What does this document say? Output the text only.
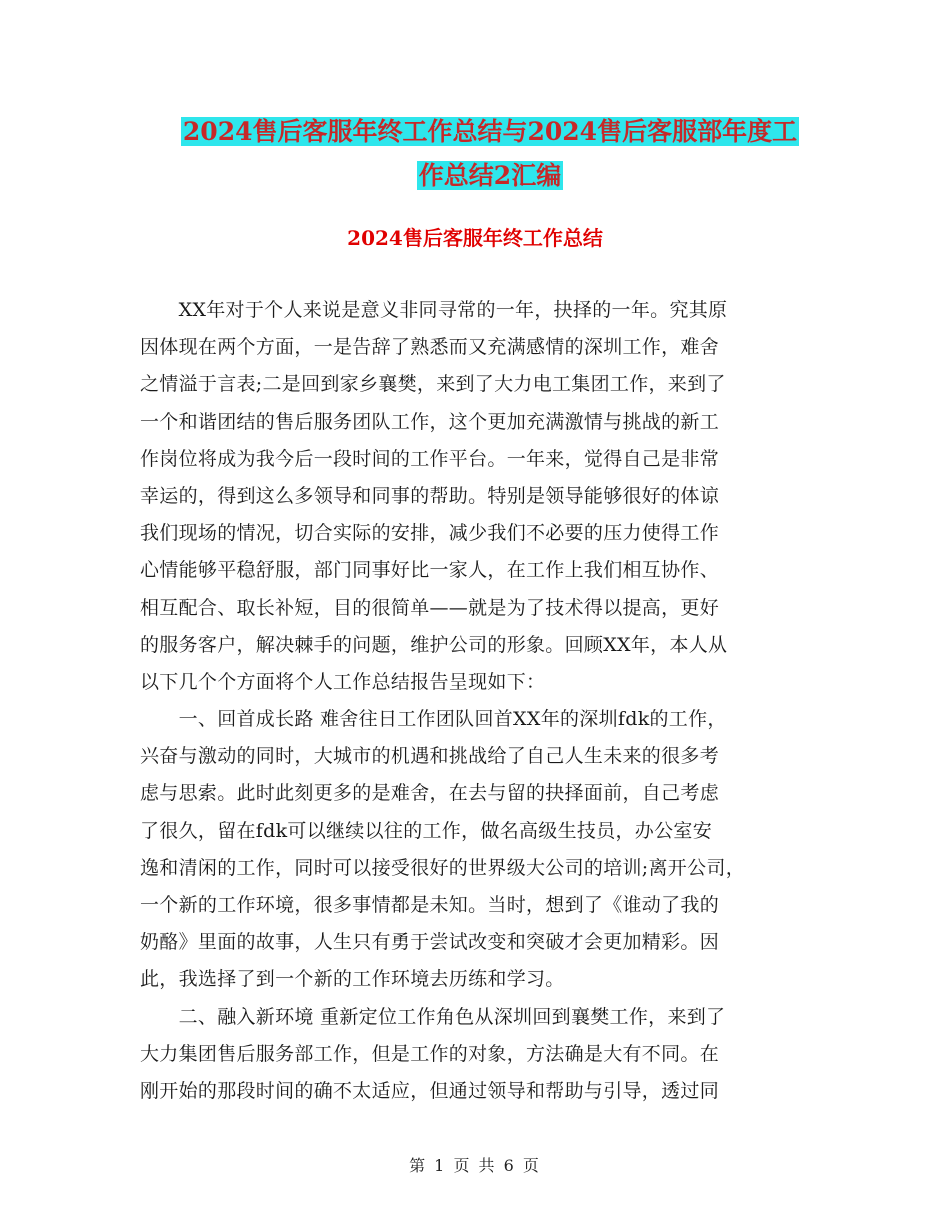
2024售后客服年终工作总结与2024售后客服部年度工
作总结2汇编
2024售后客服年终工作总结
　　XX年对于个人来说是意义非同寻常的一年，抉择的一年。究其原
因体现在两个方面，一是告辞了熟悉而又充满感情的深圳工作，难舍
之情溢于言表;二是回到家乡襄樊，来到了大力电工集团工作，来到了
一个和谐团结的售后服务团队工作，这个更加充满激情与挑战的新工
作岗位将成为我今后一段时间的工作平台。一年来，觉得自己是非常
幸运的，得到这么多领导和同事的帮助。特别是领导能够很好的体谅
我们现场的情况，切合实际的安排，减少我们不必要的压力使得工作
心情能够平稳舒服，部门同事好比一家人，在工作上我们相互协作、
相互配合、取长补短，目的很简单——就是为了技术得以提高，更好
的服务客户，解决棘手的问题，维护公司的形象。回顾XX年，本人从
以下几个个方面将个人工作总结报告呈现如下：
　　一、回首成长路 难舍往日工作团队回首XX年的深圳fdk的工作，
兴奋与激动的同时，大城市的机遇和挑战给了自己人生未来的很多考
虑与思索。此时此刻更多的是难舍，在去与留的抉择面前，自己考虑
了很久，留在fdk可以继续以往的工作，做名高级生技员，办公室安
逸和清闲的工作，同时可以接受很好的世界级大公司的培训;离开公司，
一个新的工作环境，很多事情都是未知。当时，想到了《谁动了我的
奶酪》里面的故事，人生只有勇于尝试改变和突破才会更加精彩。因
此，我选择了到一个新的工作环境去历练和学习。
　　二、融入新环境 重新定位工作角色从深圳回到襄樊工作，来到了
大力集团售后服务部工作，但是工作的对象，方法确是大有不同。在
刚开始的那段时间的确不太适应，但通过领导和帮助与引导，透过同
第 1 页 共 6 页
